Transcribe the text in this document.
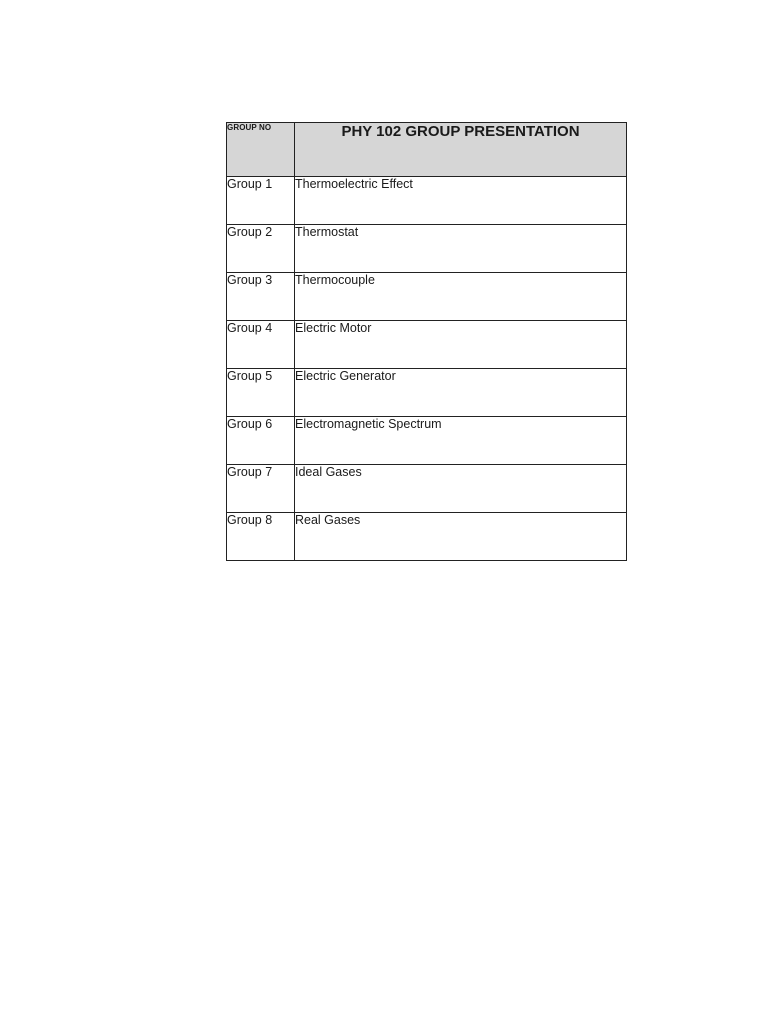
GROUP NO	PHY 102 GROUP PRESENTATION
Group 1	Thermoelectric Effect
Group 2	Thermostat
Group 3	Thermocouple
Group 4	Electric Motor
Group 5	Electric Generator
Group 6	Electromagnetic Spectrum
Group 7	Ideal Gases
Group 8	Real Gases
